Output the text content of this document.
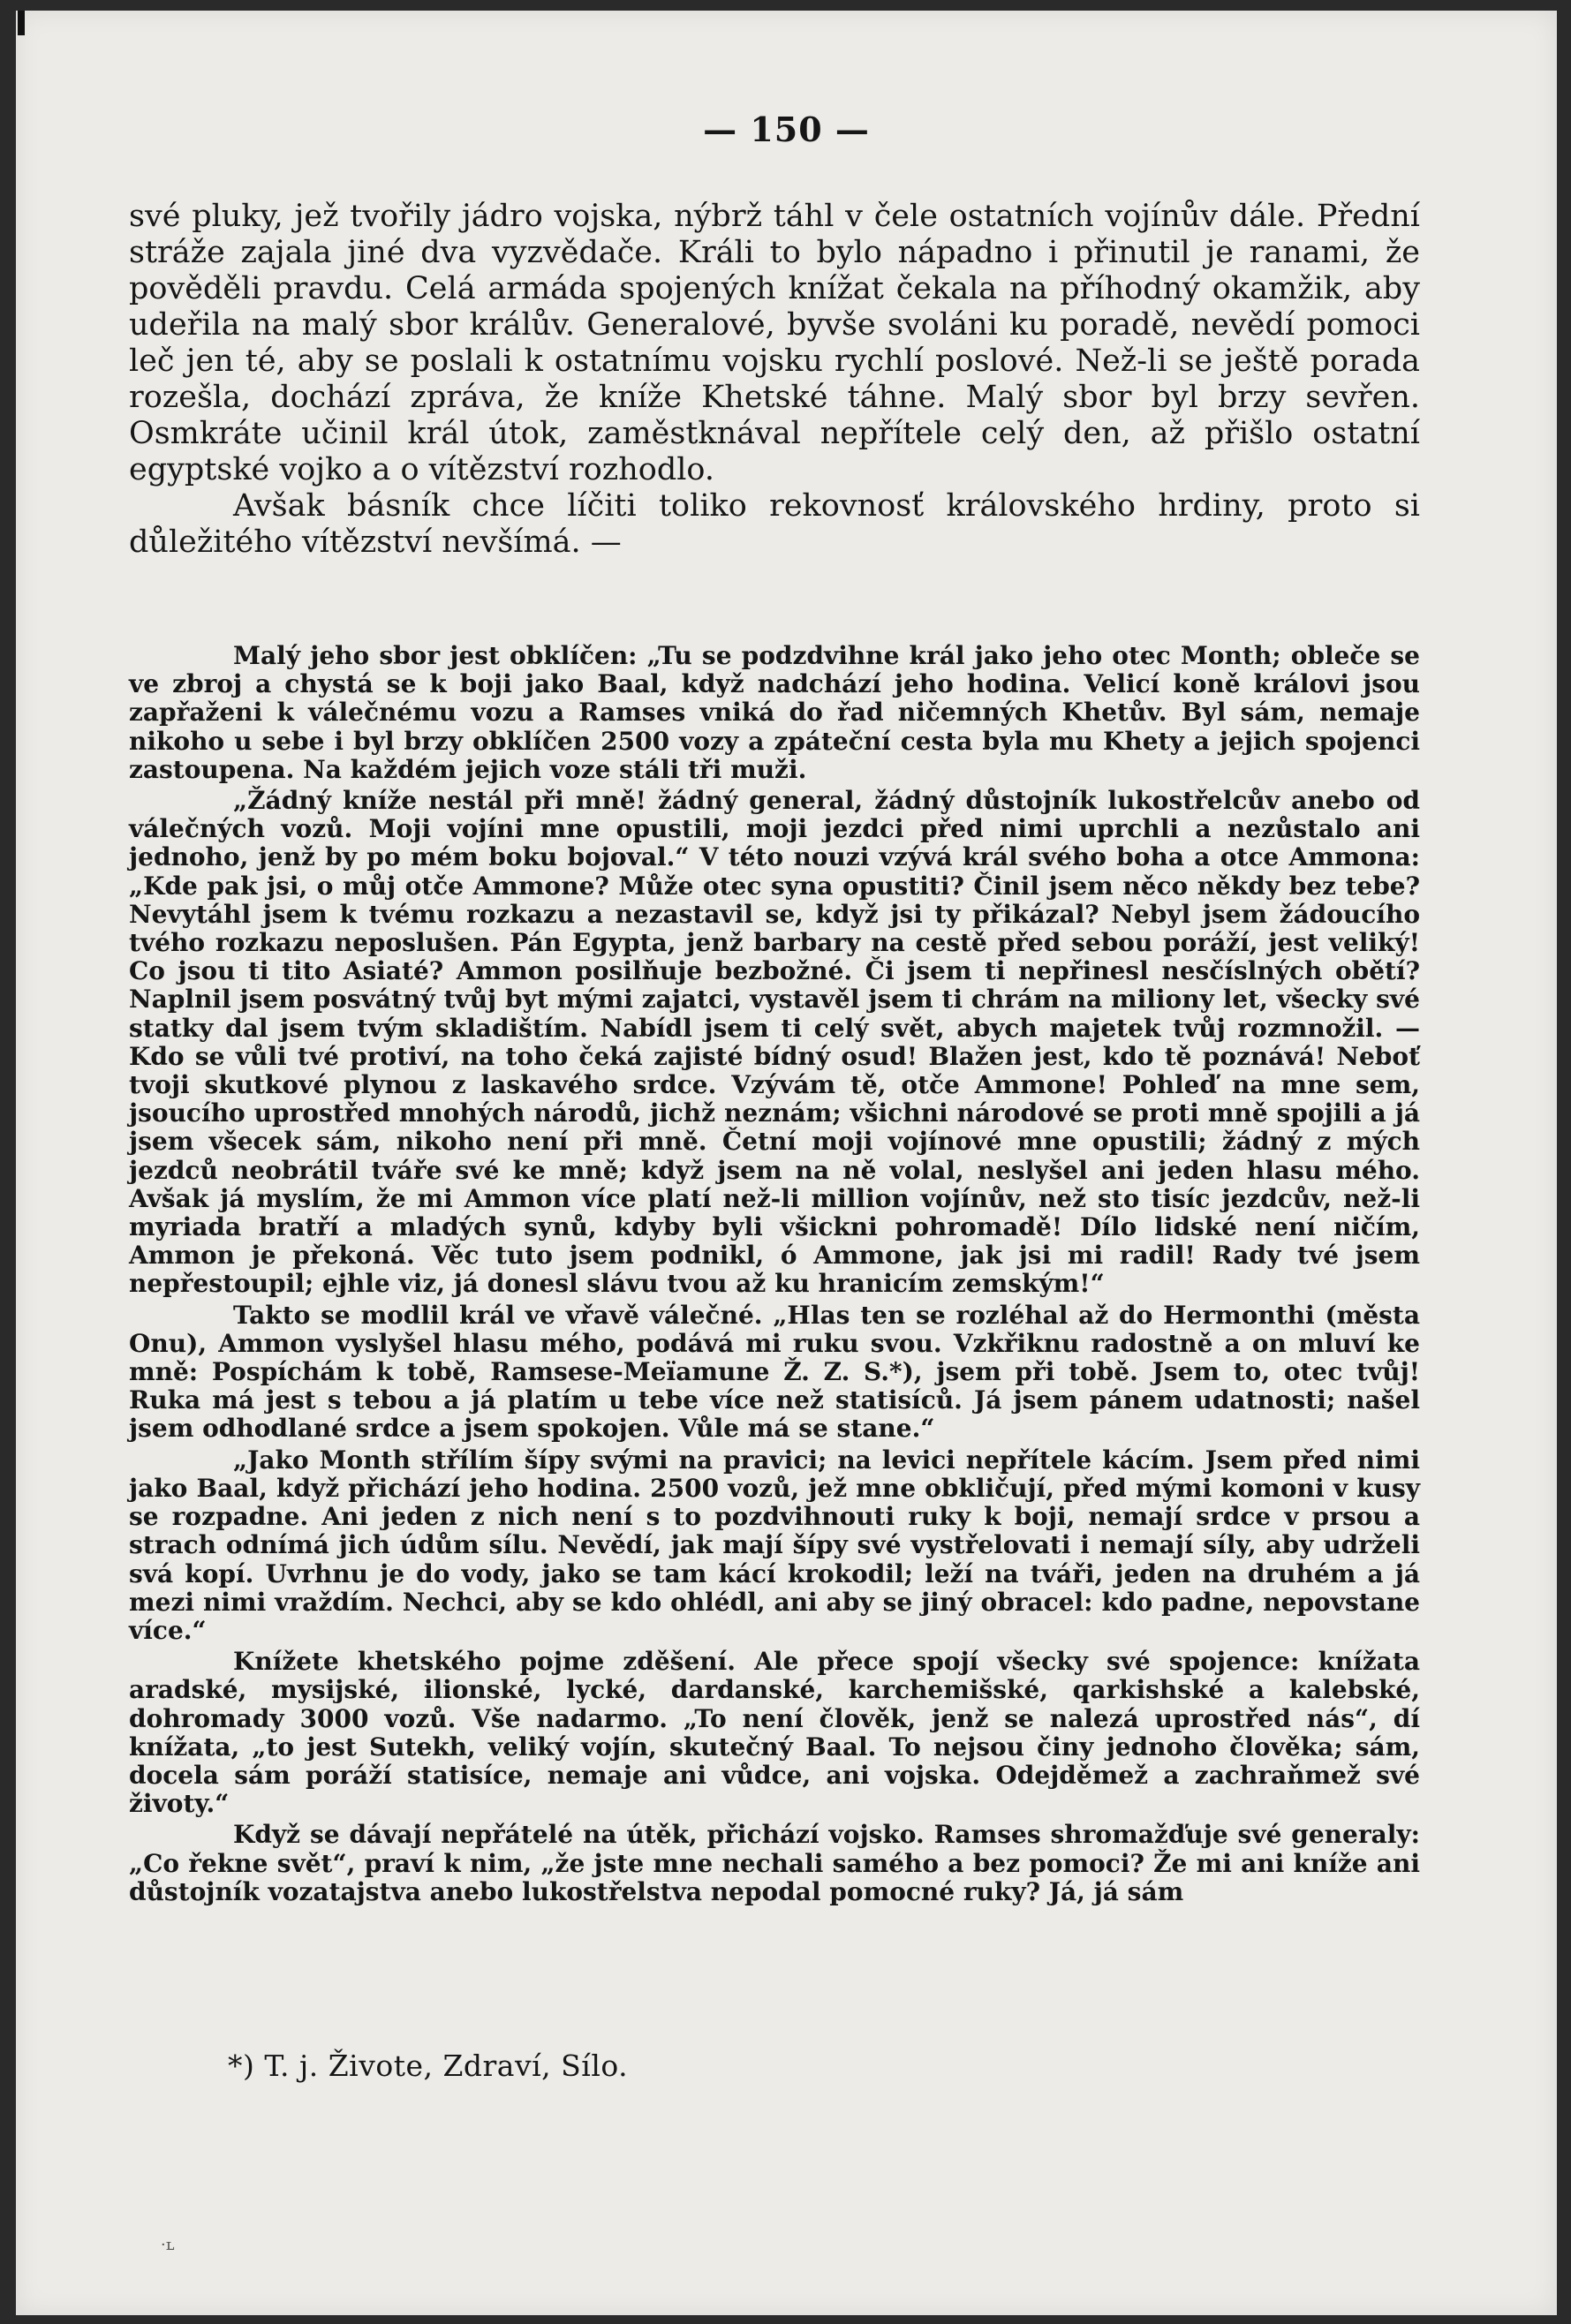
— 150 —

své pluky, jež tvořily jádro vojska, nýbrž táhl v čele ostatních vojínův dále. Přední stráže zajala jiné dva vyzvědače. Králi to bylo nápadno i přinutil je ranami, že pověděli pravdu. Celá armáda spojených knížat čekala na příhodný okamžik, aby udeřila na malý sbor králův. Generalové, byvše svoláni ku poradě, nevědí pomoci leč jen té, aby se poslali k ostatnímu vojsku rychlí poslové. Než-li se ještě porada rozešla, dochází zpráva, že kníže Khetské táhne. Malý sbor byl brzy sevřen. Osmkráte učinil král útok, zaměstknával nepřítele celý den, až přišlo ostatní egyptské vojko a o vítězství rozhodlo.

Avšak básník chce líčiti toliko rekovnosť královského hrdiny, proto si důležitého vítězství nevšímá. —

Malý jeho sbor jest obklíčen: „Tu se podzdvihne král jako jeho otec Month; obleče se ve zbroj a chystá se k boji jako Baal, když nadchází jeho hodina. Velicí koně královi jsou zapřaženi k válečnému vozu a Ramses vniká do řad ničemných Khetův. Byl sám, nemaje nikoho u sebe i byl brzy obklíčen 2500 vozy a zpáteční cesta byla mu Khety a jejich spojenci zastoupena. Na každém jejich voze stáli tři muži.

„Žádný kníže nestál při mně! žádný general, žádný důstojník lukostřelcův anebo od válečných vozů. Moji vojíni mne opustili, moji jezdci před nimi uprchli a nezůstalo ani jednoho, jenž by po mém boku bojoval.“ V této nouzi vzývá král svého boha a otce Ammona: „Kde pak jsi, o můj otče Ammone? Může otec syna opustiti? Činil jsem něco někdy bez tebe? Nevytáhl jsem k tvému rozkazu a nezastavil se, když jsi ty přikázal? Nebyl jsem žádoucího tvého rozkazu neposlušen. Pán Egypta, jenž barbary na cestě před sebou poráží, jest veliký! Co jsou ti tito Asiaté? Ammon posilňuje bezbožné. Či jsem ti nepřinesl nesčíslných obětí? Naplnil jsem posvátný tvůj byt mými zajatci, vystavěl jsem ti chrám na miliony let, všecky své statky dal jsem tvým skladištím. Nabídl jsem ti celý svět, abych majetek tvůj rozmnožil. — Kdo se vůli tvé protiví, na toho čeká zajisté bídný osud! Blažen jest, kdo tě poznává! Neboť tvoji skutkové plynou z laskavého srdce. Vzývám tě, otče Ammone! Pohleď na mne sem, jsoucího uprostřed mnohých národů, jichž neznám; všichni národové se proti mně spojili a já jsem všecek sám, nikoho není při mně. Četní moji vojínové mne opustili; žádný z mých jezdců neobrátil tváře své ke mně; když jsem na ně volal, neslyšel ani jeden hlasu mého. Avšak já myslím, že mi Ammon více platí než-li million vojínův, než sto tisíc jezdcův, než-li myriada bratří a mladých synů, kdyby byli všickni pohromadě! Dílo lidské není ničím, Ammon je překoná. Věc tuto jsem podnikl, ó Ammone, jak jsi mi radil! Rady tvé jsem nepřestoupil; ejhle viz, já donesl slávu tvou až ku hranicím zemským!“

Takto se modlil král ve vřavě válečné. „Hlas ten se rozléhal až do Hermonthi (města Onu), Ammon vyslyšel hlasu mého, podává mi ruku svou. Vzkřiknu radostně a on mluví ke mně: Pospíchám k tobě, Ramsese-Meïamune Ž. Z. S.*), jsem při tobě. Jsem to, otec tvůj! Ruka má jest s tebou a já platím u tebe více než statisíců. Já jsem pánem udatnosti; našel jsem odhodlané srdce a jsem spokojen. Vůle má se stane.“

„Jako Month střílím šípy svými na pravici; na levici nepřítele kácím. Jsem před nimi jako Baal, když přichází jeho hodina. 2500 vozů, jež mne obkličují, před mými komoni v kusy se rozpadne. Ani jeden z nich není s to pozdvihnouti ruky k boji, nemají srdce v prsou a strach odnímá jich údům sílu. Nevědí, jak mají šípy své vystřelovati i nemají síly, aby udrželi svá kopí. Uvrhnu je do vody, jako se tam kácí krokodil; leží na tváři, jeden na druhém a já mezi nimi vraždím. Nechci, aby se kdo ohlédl, ani aby se jiný obracel: kdo padne, nepovstane více.“

Knížete khetského pojme zděšení. Ale přece spojí všecky své spojence: knížata aradské, mysijské, ilionské, lycké, dardanské, karchemišské, qarkishské a kalebské, dohromady 3000 vozů. Vše nadarmo. „To není člověk, jenž se nalezá uprostřed nás“, dí knížata, „to jest Sutekh, veliký vojín, skutečný Baal. To nejsou činy jednoho člověka; sám, docela sám poráží statisíce, nemaje ani vůdce, ani vojska. Odejděmež a zachraňmež své životy.“

Když se dávají nepřátelé na útěk, přichází vojsko. Ramses shromažďuje své generaly: „Co řekne svět“, praví k nim, „že jste mne nechali samého a bez pomoci? Že mi ani kníže ani důstojník vozatajstva anebo lukostřelstva nepodal pomocné ruky? Já, já sám

*) T. j. Živote, Zdraví, Sílo.
·ʟ
